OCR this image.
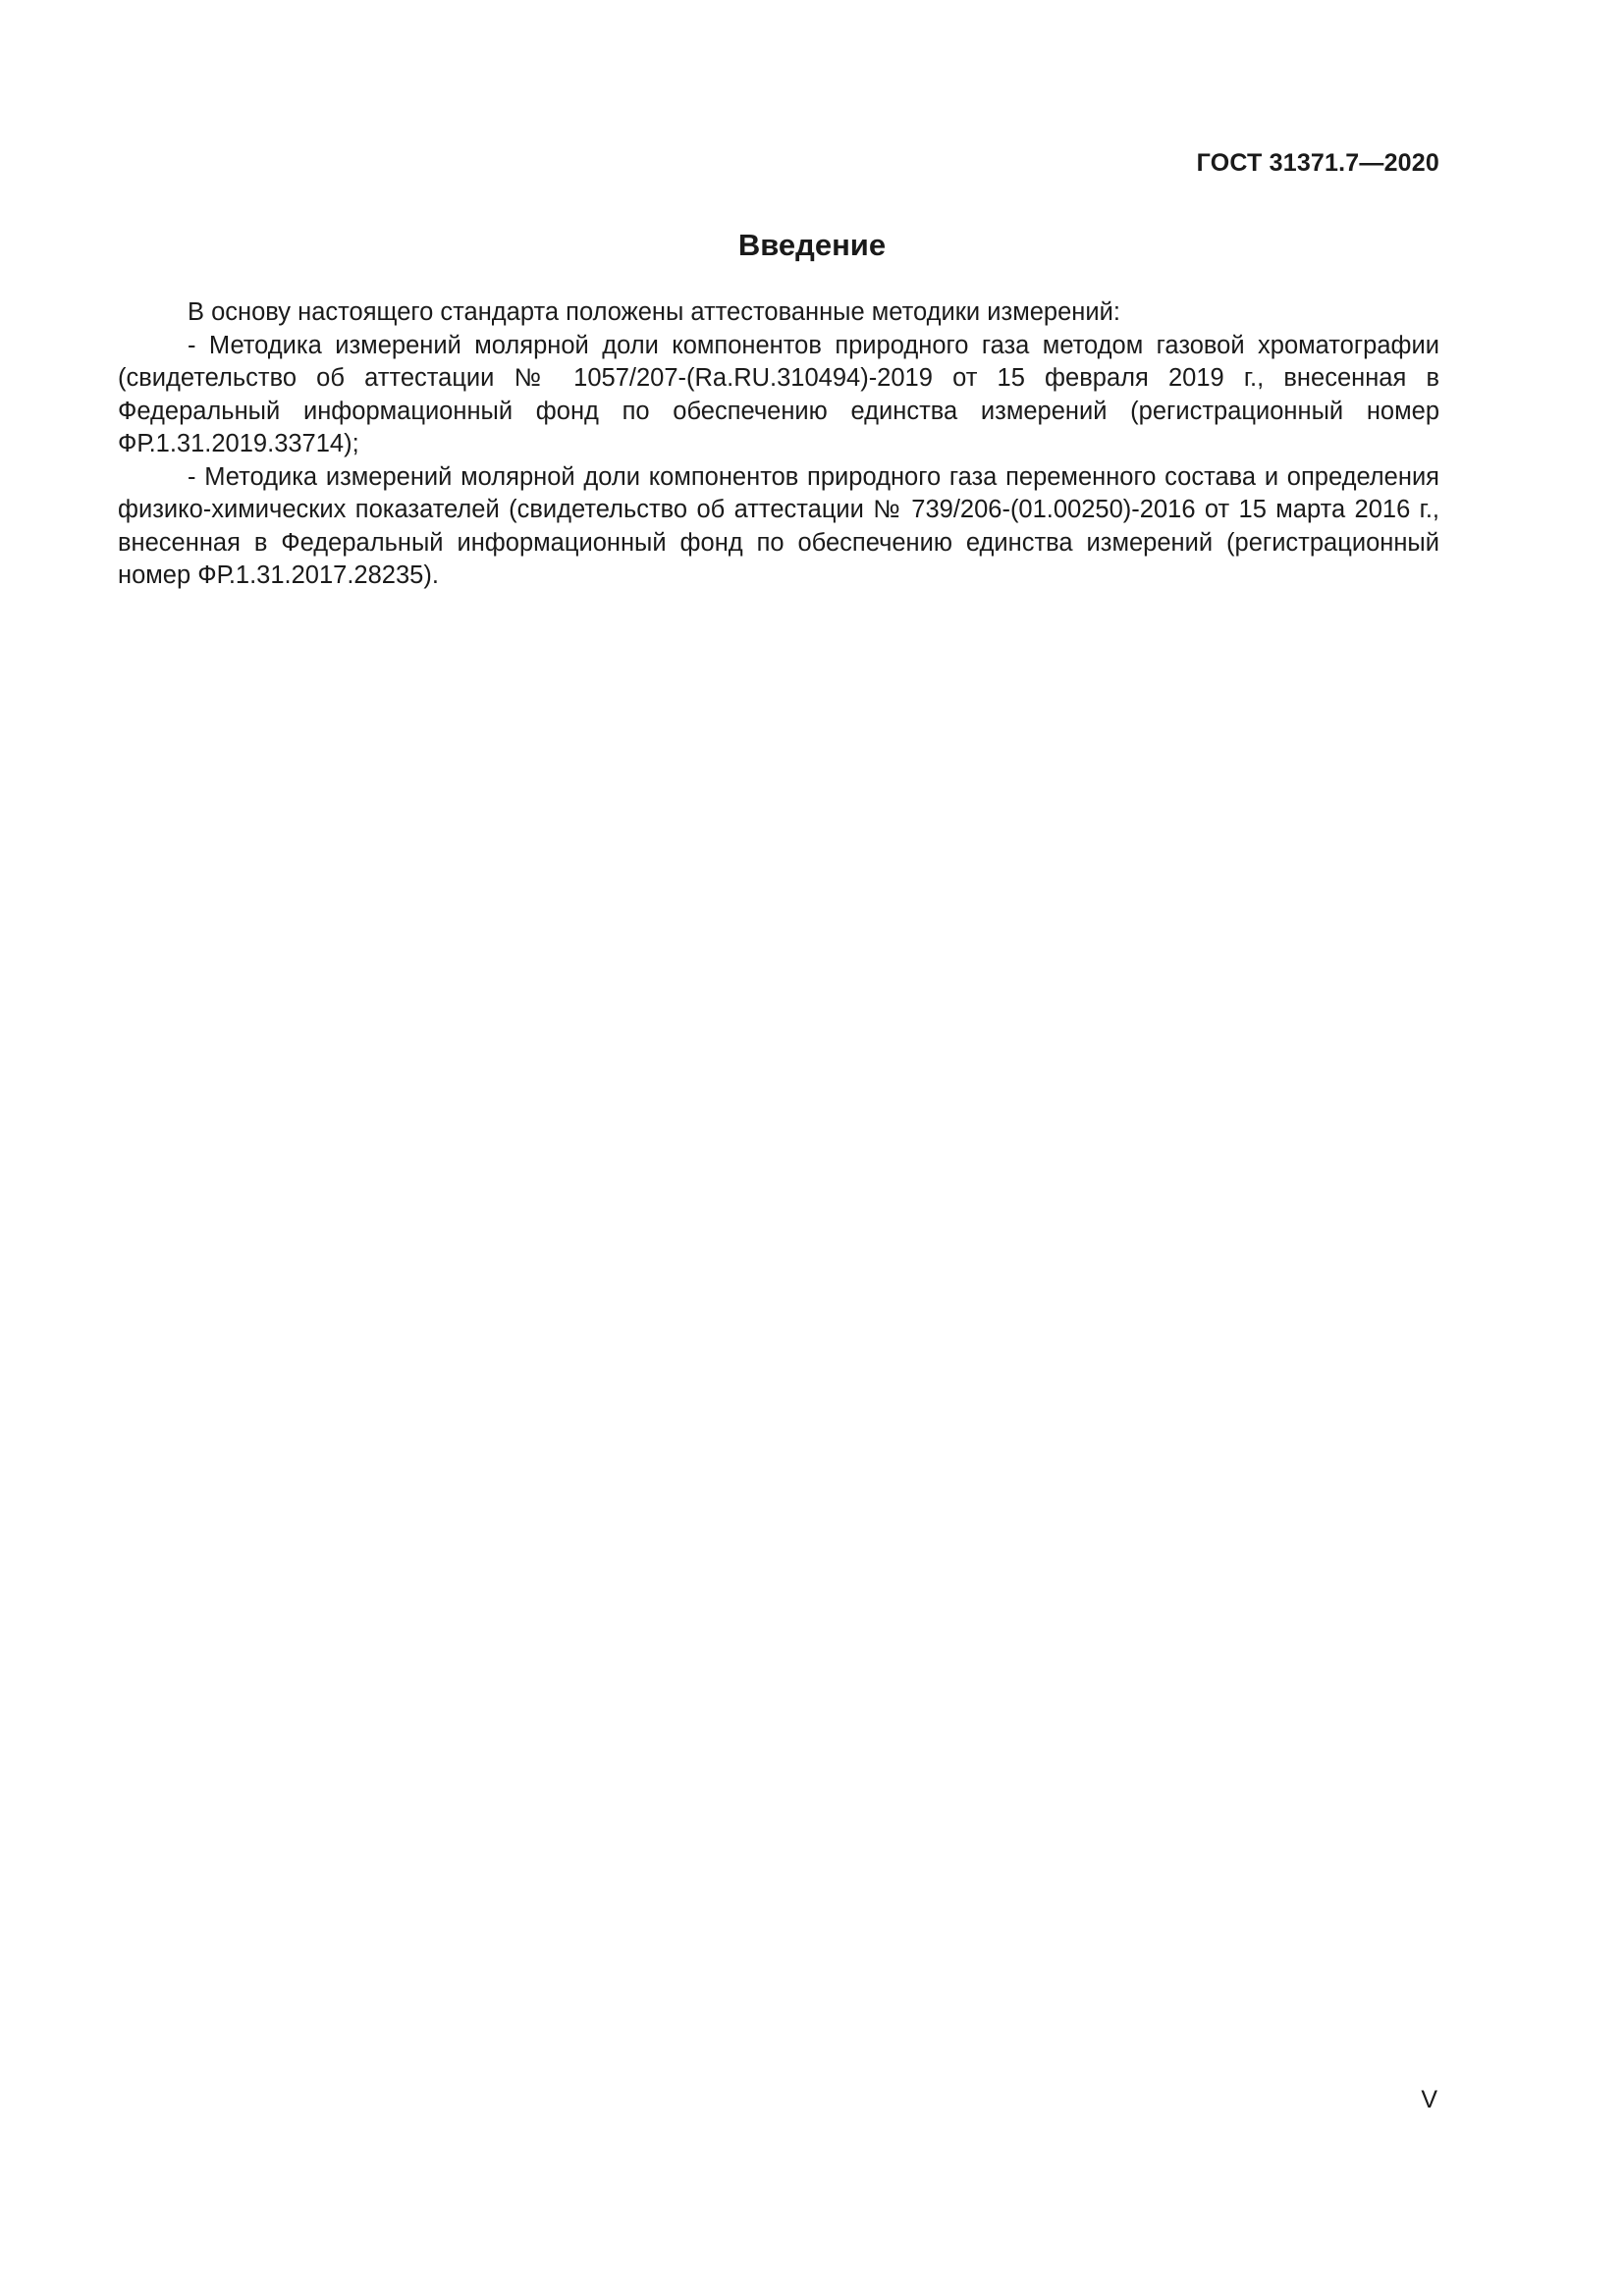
ГОСТ 31371.7—2020
Введение

В основу настоящего стандарта положены аттестованные методики измерений:

- Методика измерений молярной доли компонентов природного газа методом газовой хроматографии (свидетельство об аттестации № 1057/207-(Ra.RU.310494)-2019 от 15 февраля 2019 г., внесенная в Федеральный информационный фонд по обеспечению единства измерений (регистрационный номер ФР.1.31.2019.33714);

- Методика измерений молярной доли компонентов природного газа переменного состава и определения физико-химических показателей (свидетельство об аттестации № 739/206-(01.00250)-2016 от 15 марта 2016 г., внесенная в Федеральный информационный фонд по обеспечению единства измерений (регистрационный номер ФР.1.31.2017.28235).

V
